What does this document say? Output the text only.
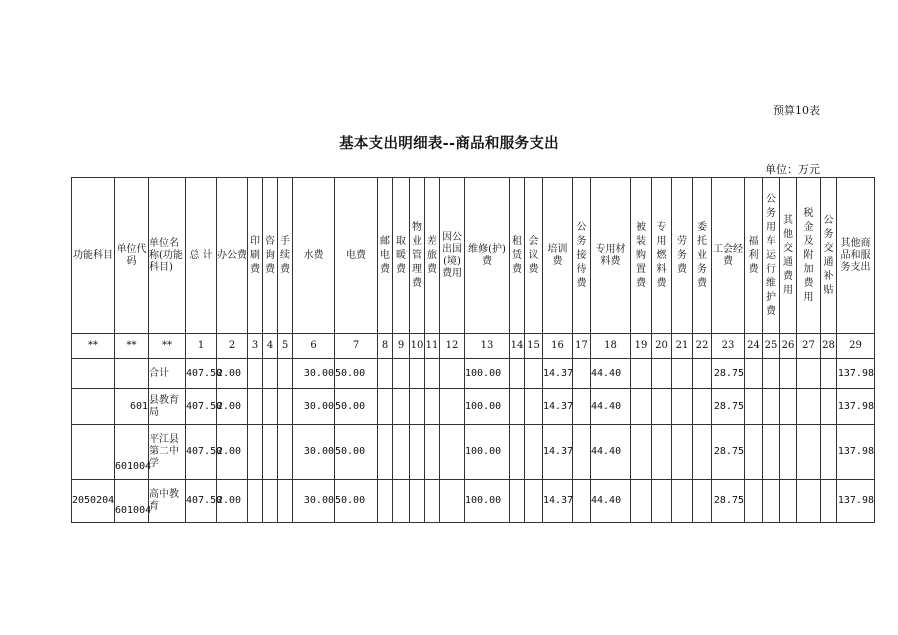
预算10表
基本支出明细表--商品和服务支出
单位：万元
功能科目	单位代码	单位名称(功能科目)	总 计	办公费	印刷费	咨询费	手续费	水费	电费	邮电费	取暖费	物业管理费	差旅费	因公出国(境)费用	维修(护)费	租赁费	会议费	培训费	公务接待费	专用材料费	被装购置费	专用燃料费	劳务费	委托业务费	工会经费	福利费	公务用车运行维护费	其他交通费用	税金及附加费用	公务交通补贴	其他商品和服务支出
**	**	**	1	2	3	4	5	6	7	8	9	10	11	12	13	14	15	16	17	18	19	20	21	22	23	24	25	26	27	28	29
		合计	407.50	2.00				30.00	50.00						100.00			14.37		44.40					28.75						137.98
	601	县教育局	407.50	2.00				30.00	50.00						100.00			14.37		44.40					28.75						137.98
	601004	平江县第二中学	407.50	2.00				30.00	50.00						100.00			14.37		44.40					28.75						137.98
2050204	601004	高中教育	407.50	2.00				30.00	50.00						100.00			14.37		44.40					28.75						137.98
